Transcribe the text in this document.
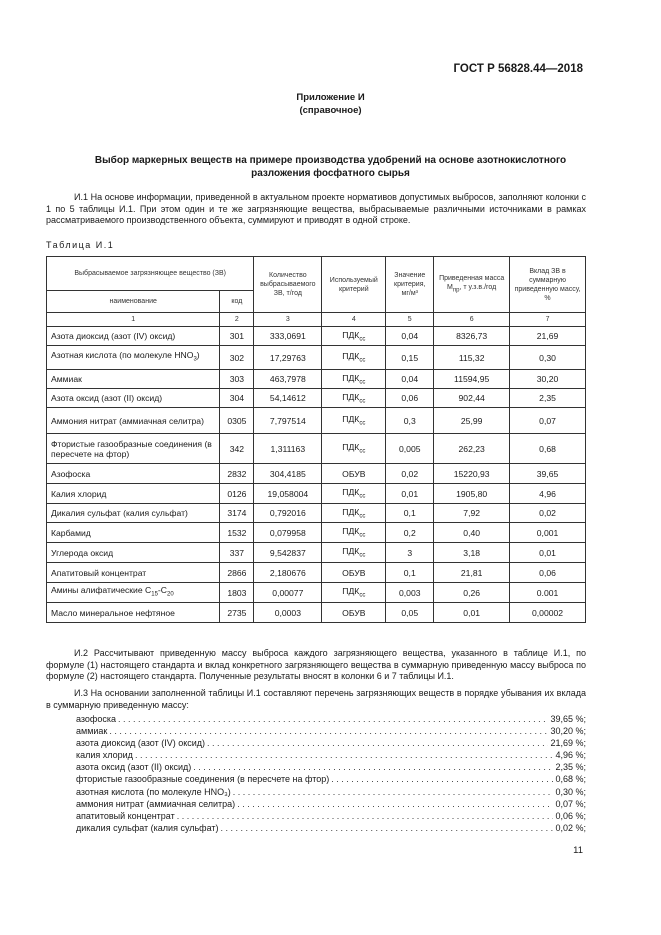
ГОСТ Р 56828.44—2018
Приложение И
(справочное)
Выбор маркерных веществ на примере производства удобрений на основе азотнокислотного
разложения фосфатного сырья
И.1 На основе информации, приведенной в актуальном проекте нормативов допустимых выбросов, заполняют колонки с 1 по 5 таблицы И.1. При этом один и те же загрязняющие вещества, выбрасываемые различными источниками в рамках рассматриваемого производственного объекта, суммируют и приводят в одной строке.
Таблица И.1
Выбрасываемое загрязняющее вещество (ЗВ)		Количество выбрасываемого ЗВ, т/год	Используемый критерий	Значение критерия, мг/м³	Приведенная масса Mпр, т у.з.в./год	Вклад ЗВ в суммарную приведенную массу, %
наименование	код					
1	2	3	4	5	6	7
Азота диоксид (азот (IV) оксид)	301	333,0691	$ПДК_{сс}$	0,04	8326,73	21,69
Азотная кислота (по молекуле $HNO_3$)	302	17,29763	$ПДК_{сс}$	0,15	115,32	0,30
Аммиак	303	463,7978	$ПДК_{сс}$	0,04	11594,95	30,20
Азота оксид (азот (II) оксид)	304	54,14612	$ПДК_{сс}$	0,06	902,44	2,35
Аммония нитрат (аммиачная селитра)	0305	7,797514	$ПДК_{сс}$	0,3	25,99	0,07
Фтористые газообразные соединения (в пересчете на фтор)	342	1,311163	$ПДК_{сс}$	0,005	262,23	0,68
Азофоска	2832	304,4185	ОБУВ	0,02	15220,93	39,65
Калия хлорид	0126	19,058004	$ПДК_{сс}$	0,01	1905,80	4,96
Дикалия сульфат (калия сульфат)	3174	0,792016	$ПДК_{сс}$	0,1	7,92	0,02
Карбамид	1532	0,079958	$ПДК_{сс}$	0,2	0,40	0,001
Углерода оксид	337	9,542837	$ПДК_{сс}$	3	3,18	0,01
Апатитовый концентрат	2866	2,180676	ОБУВ	0,1	21,81	0,06
Амины алифатические $С_{15}-С_{20}$	1803	0,00077	$ПДК_{сс}$	0,003	0,26	0.001
Масло минеральное нефтяное	2735	0,0003	ОБУВ	0,05	0,01	0,00002
И.2 Рассчитывают приведенную массу выброса каждого загрязняющего вещества, указанного в таблице И.1, по формуле (1) настоящего стандарта и вклад конкретного загрязняющего вещества в суммарную приведенную массу выброса по формуле (2) настоящего стандарта. Полученные результаты вносят в колонки 6 и 7 таблицы И.1.
И.3 На основании заполненной таблицы И.1 составляют перечень загрязняющих веществ в порядке убывания их вклада в суммарную приведенную массу:
азофоска . . .	39,65 %;
аммиак . . .	30,20 %;
азота диоксид (азот (IV) оксид) . . .	21,69 %;
калия хлорид . . .	4,96 %;
азота оксид (азот (II) оксид) . . .	2,35 %;
фтористые газообразные соединения (в пересчете на фтор) . . .	0,68 %;
азотная кислота (по молекуле HNO₃) . . .	0,30 %;
аммония нитрат (аммиачная селитра) . . .	0,07 %;
апатитовый концентрат . . .	0,06 %;
дикалия сульфат (калия сульфат) . . .	0,02 %;
11
